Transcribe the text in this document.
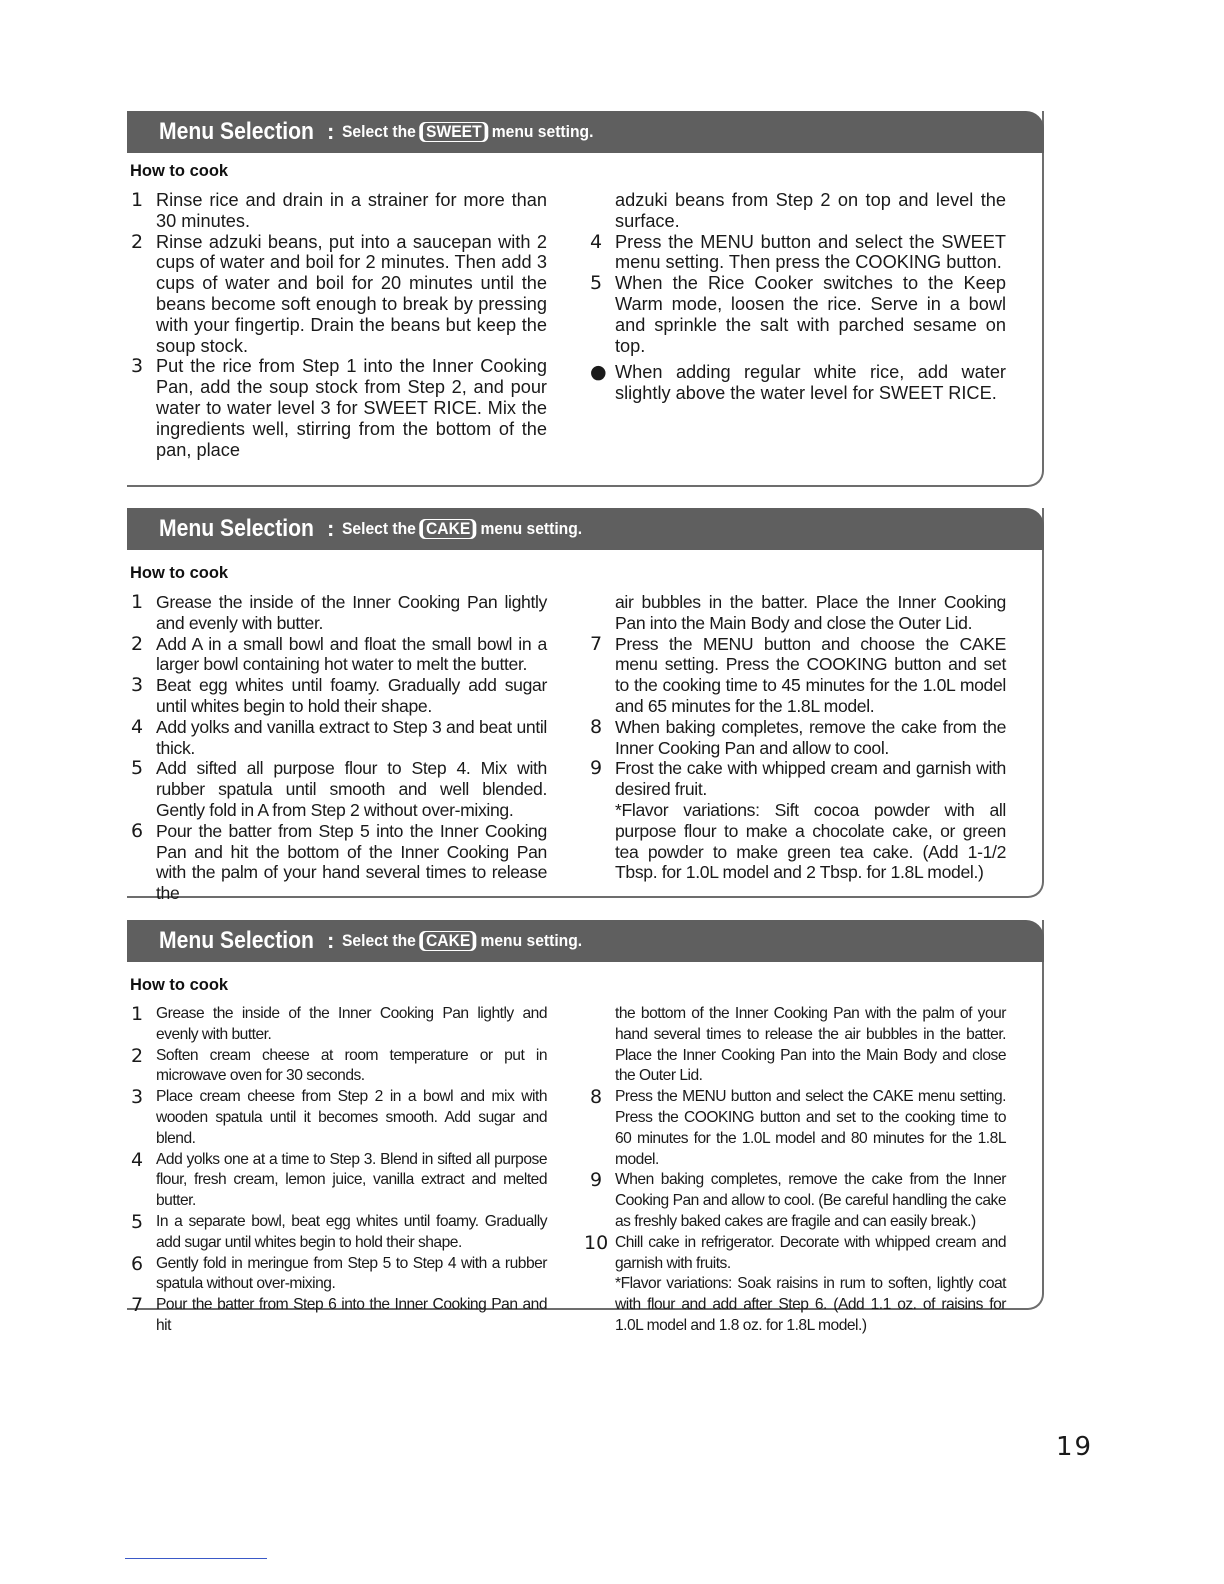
Menu Selection : Select the SWEET menu setting.
How to cook
1 Rinse rice and drain in a strainer for more than 30 minutes.
2 Rinse adzuki beans, put into a saucepan with 2 cups of water and boil for 2 minutes. Then add 3 cups of water and boil for 20 minutes until the beans become soft enough to break by pressing with your fingertip. Drain the beans but keep the soup stock.
3 Put the rice from Step 1 into the Inner Cooking Pan, add the soup stock from Step 2, and pour water to water level 3 for SWEET RICE. Mix the ingredients well, stirring from the bottom of the pan, place
adzuki beans from Step 2 on top and level the surface.
4 Press the MENU button and select the SWEET menu setting. Then press the COOKING button.
5 When the Rice Cooker switches to the Keep Warm mode, loosen the rice. Serve in a bowl and sprinkle the salt with parched sesame on top.
● When adding regular white rice, add water slightly above the water level for SWEET RICE.
Menu Selection : Select the CAKE menu setting.
How to cook
1 Grease the inside of the Inner Cooking Pan lightly and evenly with butter.
2 Add A in a small bowl and float the small bowl in a larger bowl containing hot water to melt the butter.
3 Beat egg whites until foamy. Gradually add sugar until whites begin to hold their shape.
4 Add yolks and vanilla extract to Step 3 and beat until thick.
5 Add sifted all purpose flour to Step 4. Mix with rubber spatula until smooth and well blended. Gently fold in A from Step 2 without over-mixing.
6 Pour the batter from Step 5 into the Inner Cooking Pan and hit the bottom of the Inner Cooking Pan with the palm of your hand several times to release the
air bubbles in the batter. Place the Inner Cooking Pan into the Main Body and close the Outer Lid.
7 Press the MENU button and choose the CAKE menu setting. Press the COOKING button and set to the cooking time to 45 minutes for the 1.0L model and 65 minutes for the 1.8L model.
8 When baking completes, remove the cake from the Inner Cooking Pan and allow to cool.
9 Frost the cake with whipped cream and garnish with desired fruit.
*Flavor variations: Sift cocoa powder with all purpose flour to make a chocolate cake, or green tea powder to make green tea cake. (Add 1-1/2 Tbsp. for 1.0L model and 2 Tbsp. for 1.8L model.)
Menu Selection : Select the CAKE menu setting.
How to cook
1 Grease the inside of the Inner Cooking Pan lightly and evenly with butter.
2 Soften cream cheese at room temperature or put in microwave oven for 30 seconds.
3 Place cream cheese from Step 2 in a bowl and mix with wooden spatula until it becomes smooth. Add sugar and blend.
4 Add yolks one at a time to Step 3. Blend in sifted all purpose flour, fresh cream, lemon juice, vanilla extract and melted butter.
5 In a separate bowl, beat egg whites until foamy. Gradually add sugar until whites begin to hold their shape.
6 Gently fold in meringue from Step 5 to Step 4 with a rubber spatula without over-mixing.
7 Pour the batter from Step 6 into the Inner Cooking Pan and hit
the bottom of the Inner Cooking Pan with the palm of your hand several times to release the air bubbles in the batter. Place the Inner Cooking Pan into the Main Body and close the Outer Lid.
8 Press the MENU button and select the CAKE menu setting. Press the COOKING button and set to the cooking time to 60 minutes for the 1.0L model and 80 minutes for the 1.8L model.
9 When baking completes, remove the cake from the Inner Cooking Pan and allow to cool. (Be careful handling the cake as freshly baked cakes are fragile and can easily break.)
10 Chill cake in refrigerator. Decorate with whipped cream and garnish with fruits.
*Flavor variations: Soak raisins in rum to soften, lightly coat with flour and add after Step 6. (Add 1.1 oz. of raisins for 1.0L model and 1.8 oz. for 1.8L model.)
19
